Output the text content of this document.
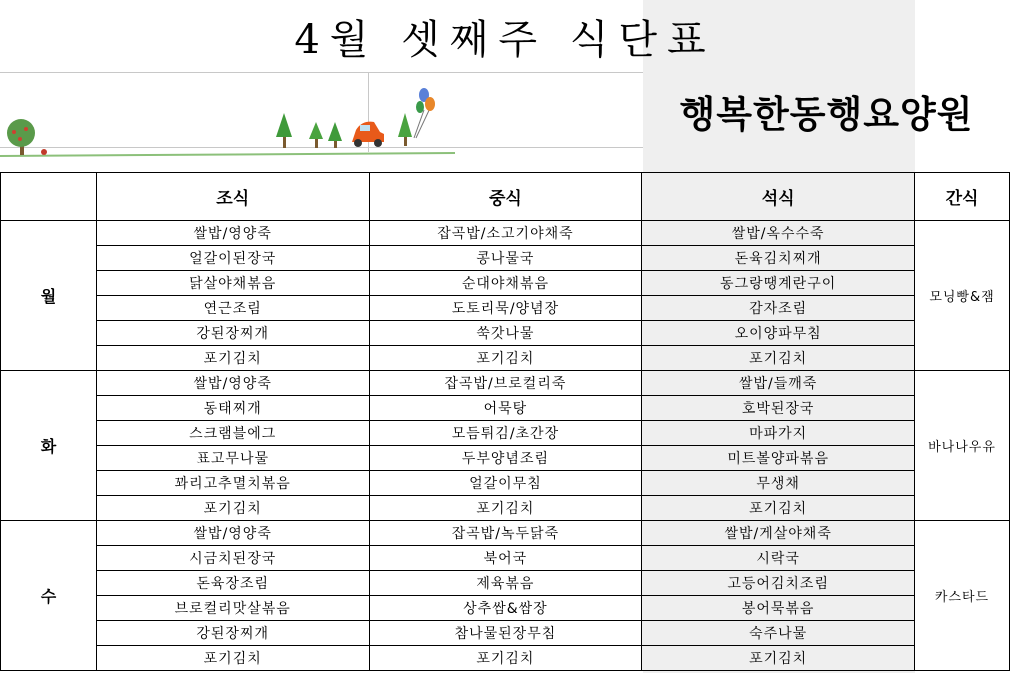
4월 셋째주 식단표
행복한동행요양원
	조식	중식	석식	간식
월	쌀밥/영양죽	잡곡밥/소고기야채죽	쌀밥/옥수수죽	모닝빵&잼
	얼갈이된장국	콩나물국	돈육김치찌개	
	닭살야채볶음	순대야채볶음	동그랑땡계란구이	
	연근조림	도토리묵/양념장	감자조림	
	강된장찌개	쑥갓나물	오이양파무침	
	포기김치	포기김치	포기김치	
화	쌀밥/영양죽	잡곡밥/브로컬리죽	쌀밥/들깨죽	바나나우유
	동태찌개	어묵탕	호박된장국	
	스크램블에그	모듬튀김/초간장	마파가지	
	표고무나물	두부양념조림	미트볼양파볶음	
	꽈리고추멸치볶음	얼갈이무침	무생채	
	포기김치	포기김치	포기김치	
수	쌀밥/영양죽	잡곡밥/녹두닭죽	쌀밥/게살야채죽	카스타드
	시금치된장국	북어국	시락국	
	돈육장조림	제육볶음	고등어김치조림	
	브로컬리맛살볶음	상추쌈&쌈장	봉어묵볶음	
	강된장찌개	참나물된장무침	숙주나물	
	포기김치	포기김치	포기김치	
